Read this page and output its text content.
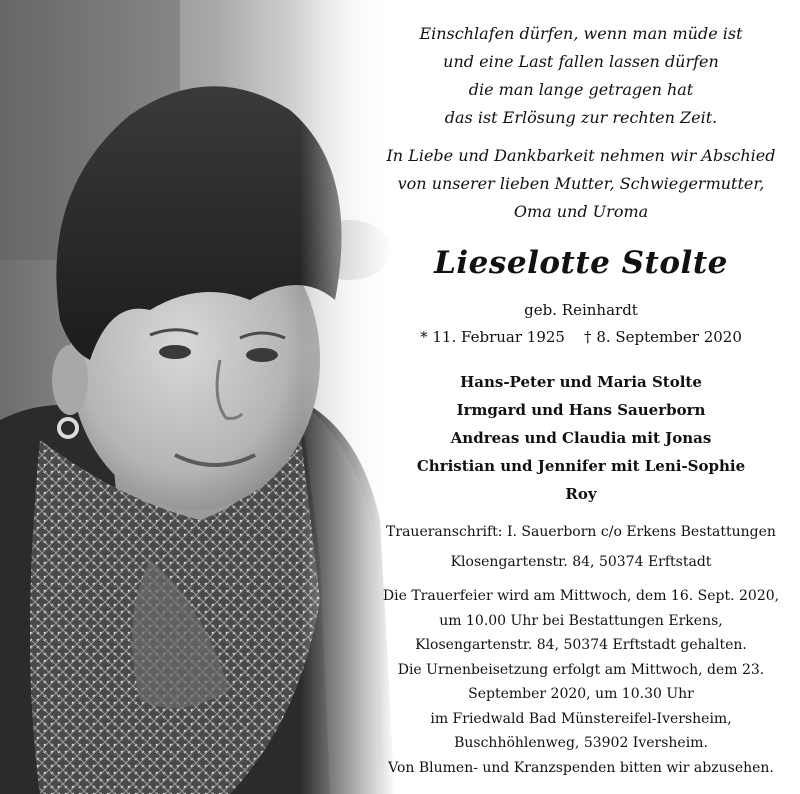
Einschlafen dürfen, wenn man müde ist
und eine Last fallen lassen dürfen
die man lange getragen hat
das ist Erlösung zur rechten Zeit.
In Liebe und Dankbarkeit nehmen wir Abschied
von unserer lieben Mutter, Schwiegermutter,
Oma und Uroma
Lieselotte Stolte
geb. Reinhardt
* 11. Februar 1925 † 8. September 2020
Hans-Peter und Maria Stolte
Irmgard und Hans Sauerborn
Andreas und Claudia mit Jonas
Christian und Jennifer mit Leni-Sophie
Roy
Traueranschrift: I. Sauerborn c/o Erkens Bestattungen
Klosengartenstr. 84, 50374 Erftstadt
Die Trauerfeier wird am Mittwoch, dem 16. Sept. 2020,
um 10.00 Uhr bei Bestattungen Erkens,
Klosengartenstr. 84, 50374 Erftstadt gehalten.
Die Urnenbeisetzung erfolgt am Mittwoch, dem 23.
September 2020, um 10.30 Uhr
im Friedwald Bad Münstereifel-Iversheim,
Buschhöhlenweg, 53902 Iversheim.
Von Blumen- und Kranzspenden bitten wir abzusehen.
